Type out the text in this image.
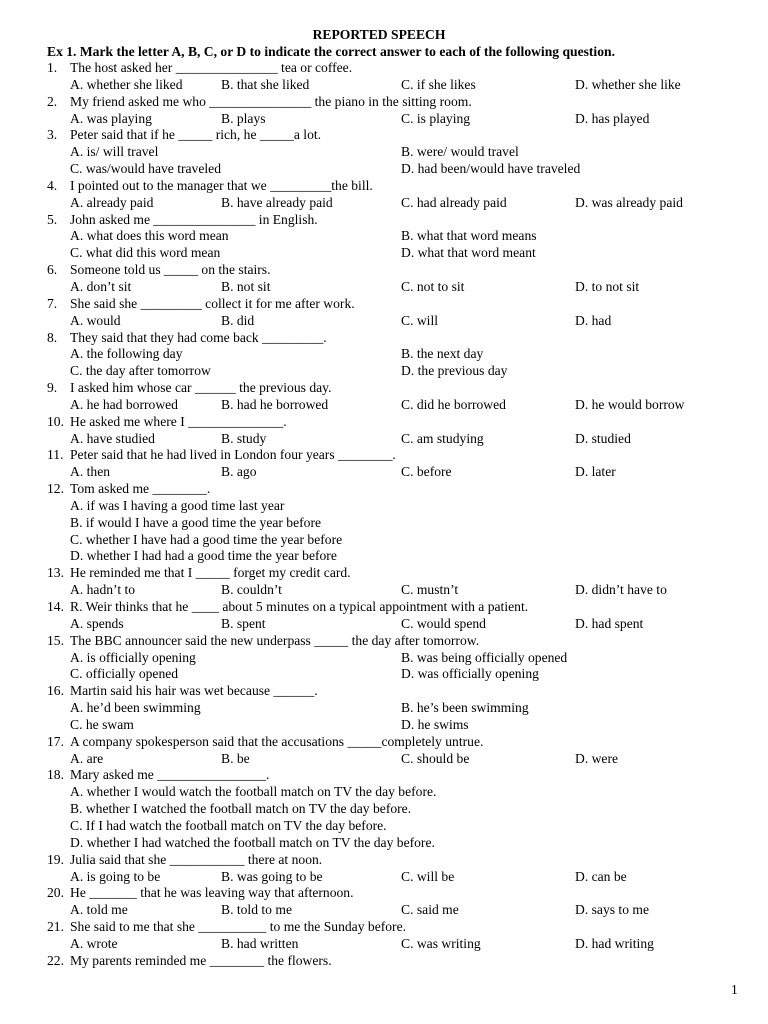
REPORTED SPEECH
Ex 1. Mark the letter A, B, C, or D to indicate the correct answer to each of the following question.
1. The host asked her _______________ tea or coffee.
A. whether she liked	B. that she liked	C. if she likes	D. whether she like
2. My friend asked me who _______________ the piano in the sitting room.
A. was playing	B. plays	C. is playing	D. has played
3. Peter said that if he _____ rich, he _____a lot.
A. is/ will travel	B. were/ would travel
C. was/would have traveled	D. had been/would have traveled
4. I pointed out to the manager that we _________the bill.
A. already paid	B. have already paid	C. had already paid	D. was already paid
5. John asked me _______________ in English.
A. what does this word mean	B. what that word means
C. what did this word mean	D. what that word meant
6. Someone told us _____ on the stairs.
A. don’t sit	B. not sit	C. not to sit	D. to not sit
7. She said she _________ collect it for me after work.
A. would	B. did	C. will	D. had
8. They said that they had come back _________.
A. the following day	B. the next day
C. the day after tomorrow	D. the previous day
9. I asked him whose car ______ the previous day.
A. he had borrowed	B. had he borrowed	C. did he borrowed	D. he would borrow
10. He asked me where I ______________.
A. have studied	B. study	C. am studying	D. studied
11. Peter said that he had lived in London four years ________.
A. then	B. ago	C. before	D. later
12. Tom asked me ________.
A. if was I having a good time last year
B. if would I have a good time the year before
C. whether I have had a good time the year before
D. whether I had had a good time the year before
13. He reminded me that I _____ forget my credit card.
A. hadn’t to	B. couldn’t	C. mustn’t	D. didn’t have to
14. R. Weir thinks that he ____ about 5 minutes on a typical appointment with a patient.
A. spends	B. spent	C. would spend	D. had spent
15. The BBC announcer said the new underpass _____ the day after tomorrow.
A. is officially opening	B. was being officially opened
C. officially opened	D. was officially opening
16. Martin said his hair was wet because ______.
A. he’d been swimming	B. he’s been swimming
C. he swam	D. he swims
17. A company spokesperson said that the accusations _____completely untrue.
A. are	B. be	C. should be	D. were
18. Mary asked me ________________.
A. whether I would watch the football match on TV the day before.
B. whether I watched the football match on TV the day before.
C. If I had watch the football match on TV the day before.
D. whether I had watched the football match on TV the day before.
19. Julia said that she ___________ there at noon.
A. is going to be	B. was going to be	C. will be	D. can be
20. He _______ that he was leaving way that afternoon.
A. told me	B. told to me	C. said me	D. says to me
21. She said to me that she __________ to me the Sunday before.
A. wrote	B. had written	C. was writing	D. had writing
22. My parents reminded me ________ the flowers.
1
